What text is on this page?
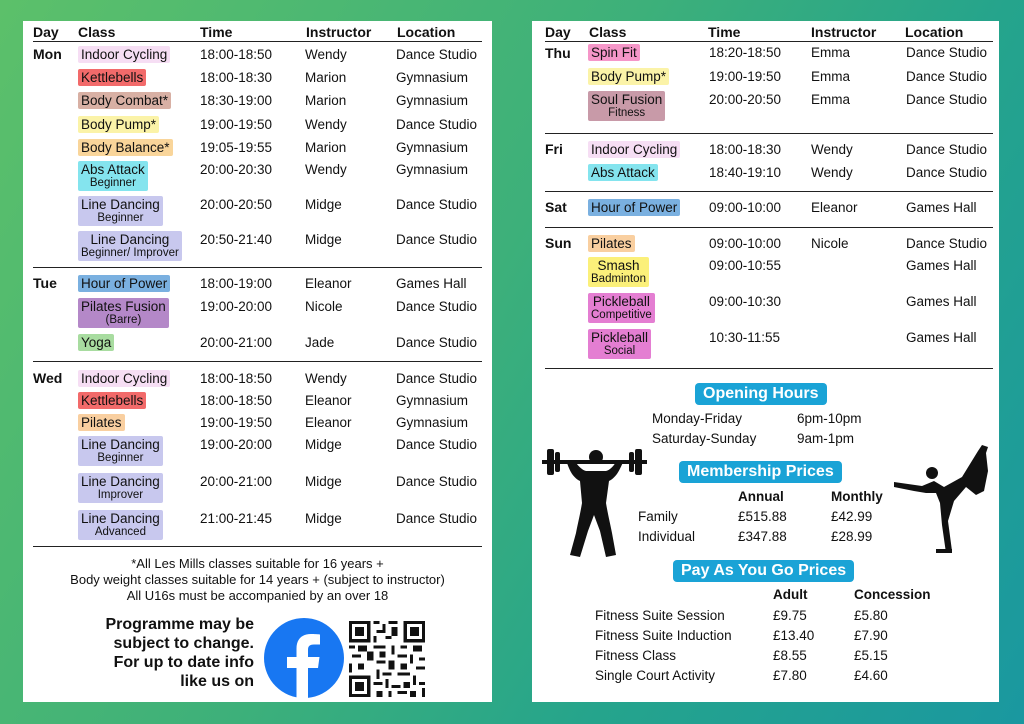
Day Class	Time	Instructor Location
Mon Indoor Cycling 18:00-18:50 Wendy	Dance Studio
Kettlebells	18:00-18:30 Marion	Gymnasium
Body Combat* 18:30-19:00 Marion	Gymnasium
Body Pump*	19:00-19:50 Wendy	Dance Studio
Body Balance* 19:05-19:55 Marion	Gymnasium
Abs Attack
Beginner
20:00-20:30 Wendy	Gymnasium
Line Dancing
Beginner
20:00-20:50 Midge	Dance Studio
Line Dancing
Beginner/ Improver
20:50-21:40 Midge	Dance Studio
Tue Hour of Power 18:00-19:00 Eleanor	Games Hall
Pilates Fusion
(Barre)
19:00-20:00 Nicole	Dance Studio
Yoga	20:00-21:00 Jade	Dance Studio
Wed Indoor Cycling 18:00-18:50 Wendy	Dance Studio
Kettlebells	18:00-18:50 Eleanor	Gymnasium
Pilates	19:00-19:50 Eleanor	Gymnasium
Line Dancing
Beginner
19:00-20:00 Midge	Dance Studio
Line Dancing
Improver
20:00-21:00 Midge	Dance Studio
Line Dancing
Advanced
21:00-21:45 Midge	Dance Studio
*All Les Mills classes suitable for 16 years +
Body weight classes suitable for 14 years + (subject to instructor)
All U16s must be accompanied by an over 18
Programme may be
subject to change.
For up to date info
like us on
Day Class	Time	Instructor Location
Thu Spin Fit	18:20-18:50 Emma	Dance Studio
Body Pump*	19:00-19:50 Emma	Dance Studio
Soul Fusion
Fitness
20:00-20:50 Emma	Dance Studio
Fri Indoor Cycling 18:00-18:30 Wendy	Dance Studio
Abs Attack	18:40-19:10 Wendy	Dance Studio
Sat Hour of Power 09:00-10:00 Eleanor	Games Hall
Sun Pilates	09:00-10:00 Nicole	Dance Studio
Smash
Badminton
09:00-10:55	Games Hall
Pickleball
Competitive
09:00-10:30	Games Hall
Pickleball
Social
10:30-11:55	Games Hall
Opening Hours
Monday-Friday	6pm-10pm
Saturday-Sunday	9am-1pm
Membership Prices
Annual	Monthly
Family	£515.88	£42.99
Individual	£347.88	£28.99
Pay As You Go Prices
Adult	Concession
Fitness Suite Session	£9.75	£5.80
Fitness Suite Induction	£13.40	£7.90
Fitness Class	£8.55	£5.15
Single Court Activity	£7.80	£4.60
